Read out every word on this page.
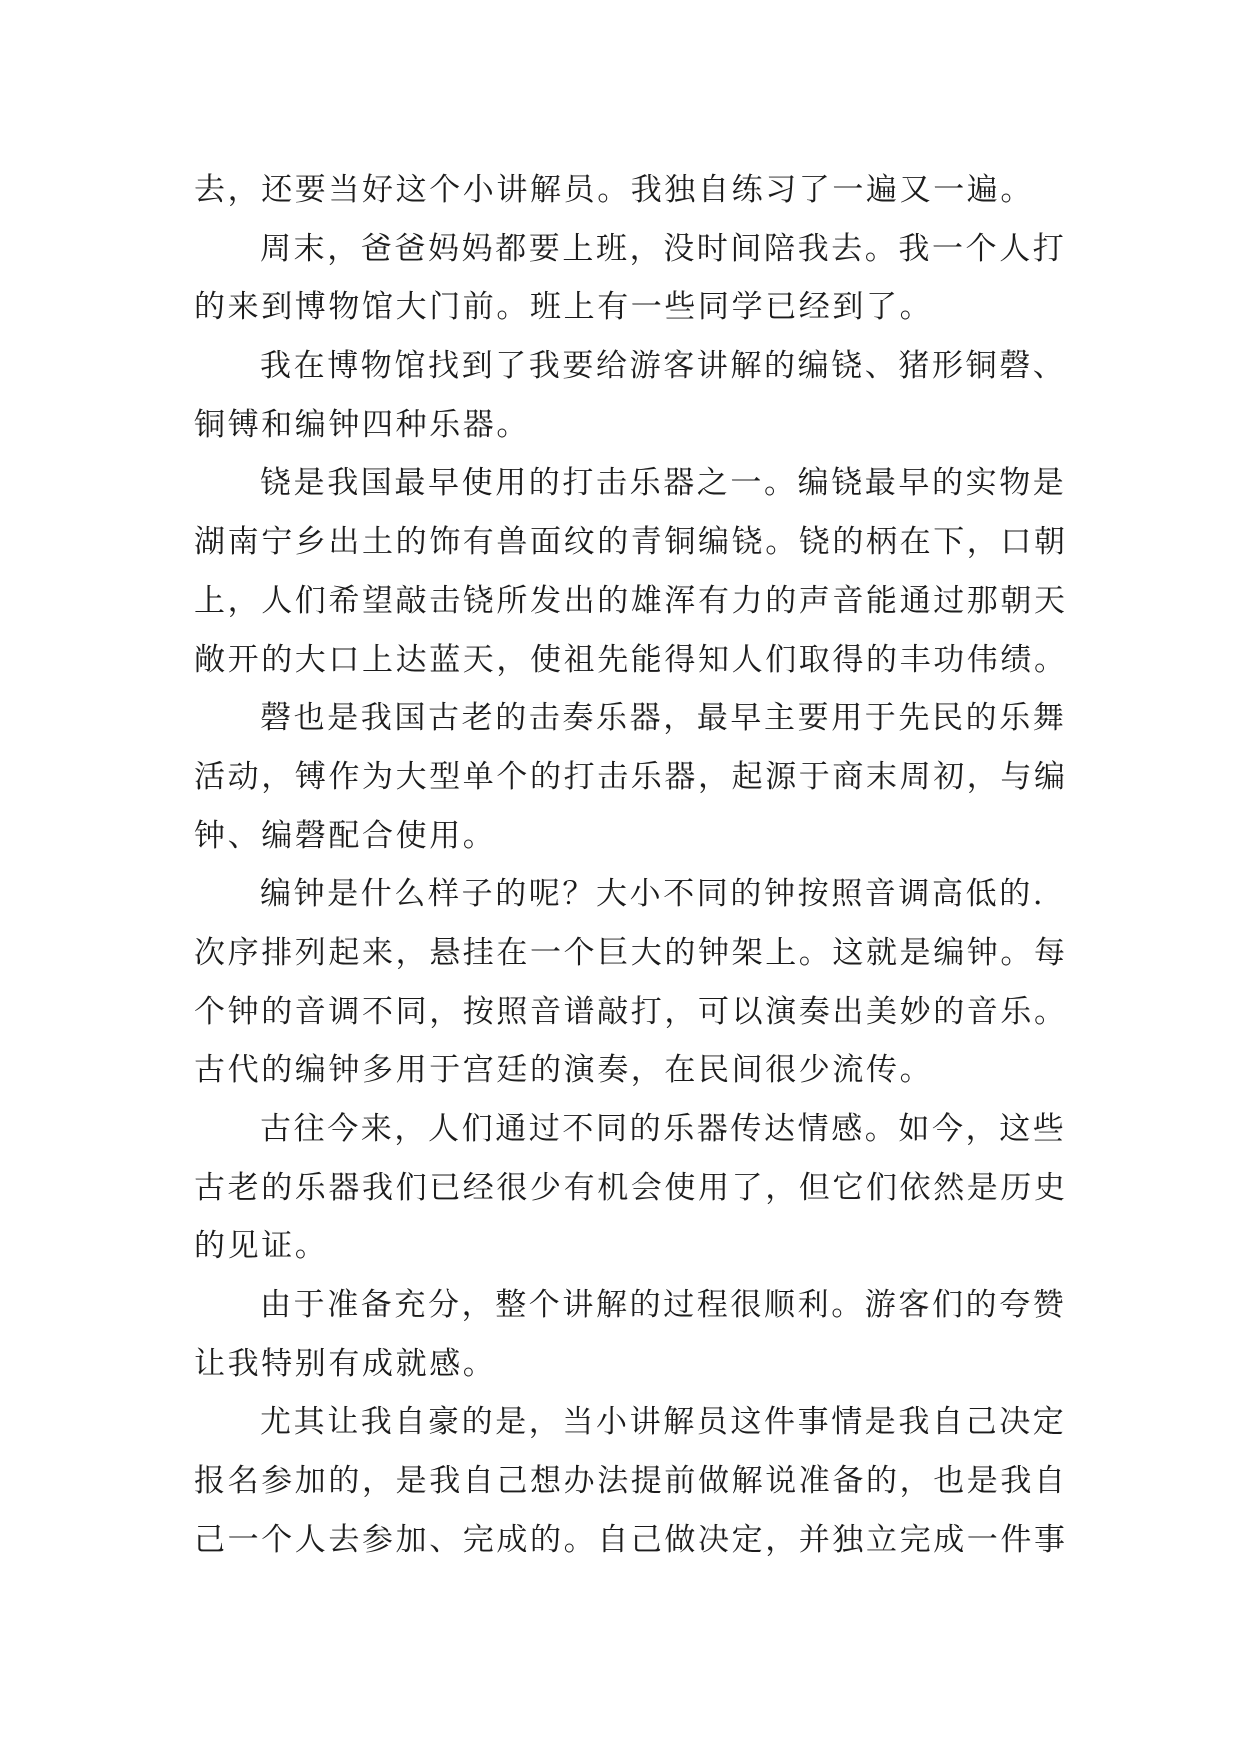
去，还要当好这个小讲解员。我独自练习了一遍又一遍。
周末，爸爸妈妈都要上班，没时间陪我去。我一个人打
的来到博物馆大门前。班上有一些同学已经到了。
我在博物馆找到了我要给游客讲解的编铙、猪形铜磬、
铜镈和编钟四种乐器。
铙是我国最早使用的打击乐器之一。编铙最早的实物是
湖南宁乡出土的饰有兽面纹的青铜编铙。铙的柄在下，口朝
上，人们希望敲击铙所发出的雄浑有力的声音能通过那朝天
敞开的大口上达蓝天，使祖先能得知人们取得的丰功伟绩。
磬也是我国古老的击奏乐器，最早主要用于先民的乐舞
活动，镈作为大型单个的打击乐器，起源于商末周初，与编
钟、编磬配合使用。
编钟是什么样子的呢？大小不同的钟按照音调高低的.
次序排列起来，悬挂在一个巨大的钟架上。这就是编钟。每
个钟的音调不同，按照音谱敲打，可以演奏出美妙的音乐。
古代的编钟多用于宫廷的演奏，在民间很少流传。
古往今来，人们通过不同的乐器传达情感。如今，这些
古老的乐器我们已经很少有机会使用了，但它们依然是历史
的见证。
由于准备充分，整个讲解的过程很顺利。游客们的夸赞
让我特别有成就感。
尤其让我自豪的是，当小讲解员这件事情是我自己决定
报名参加的，是我自己想办法提前做解说准备的，也是我自
己一个人去参加、完成的。自己做决定，并独立完成一件事
